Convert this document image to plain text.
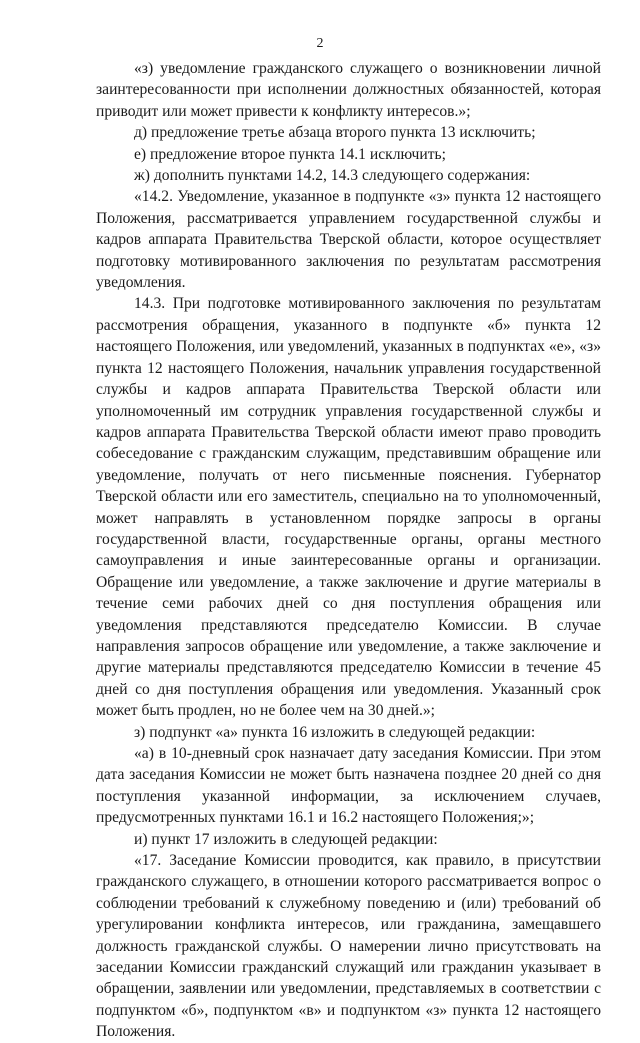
2

«з) уведомление гражданского служащего о возникновении личной заинтересованности при исполнении должностных обязанностей, которая приводит или может привести к конфликту интересов.»;

д) предложение третье абзаца второго пункта 13 исключить;

е) предложение второе пункта 14.1 исключить;

ж) дополнить пунктами 14.2, 14.3 следующего содержания:

«14.2. Уведомление, указанное в подпункте «з» пункта 12 настоящего Положения, рассматривается управлением государственной службы и кадров аппарата Правительства Тверской области, которое осуществляет подготовку мотивированного заключения по результатам рассмотрения уведомления.

14.3. При подготовке мотивированного заключения по результатам рассмотрения обращения, указанного в подпункте «б» пункта 12 настоящего Положения, или уведомлений, указанных в подпунктах «е», «з» пункта 12 настоящего Положения, начальник управления государственной службы и кадров аппарата Правительства Тверской области или уполномоченный им сотрудник управления государственной службы и кадров аппарата Правительства Тверской области имеют право проводить собеседование с гражданским служащим, представившим обращение или уведомление, получать от него письменные пояснения. Губернатор Тверской области или его заместитель, специально на то уполномоченный, может направлять в установленном порядке запросы в органы государственной власти, государственные органы, органы местного самоуправления и иные заинтересованные органы и организации. Обращение или уведомление, а также заключение и другие материалы в течение семи рабочих дней со дня поступления обращения или уведомления представляются председателю Комиссии. В случае направления запросов обращение или уведомление, а также заключение и другие материалы представляются председателю Комиссии в течение 45 дней со дня поступления обращения или уведомления. Указанный срок может быть продлен, но не более чем на 30 дней.»;

з) подпункт «а» пункта 16 изложить в следующей редакции:

«а) в 10-дневный срок назначает дату заседания Комиссии. При этом дата заседания Комиссии не может быть назначена позднее 20 дней со дня поступления указанной информации, за исключением случаев, предусмотренных пунктами 16.1 и 16.2 настоящего Положения;»;

и) пункт 17 изложить в следующей редакции:

«17. Заседание Комиссии проводится, как правило, в присутствии гражданского служащего, в отношении которого рассматривается вопрос о соблюдении требований к служебному поведению и (или) требований об урегулировании конфликта интересов, или гражданина, замещавшего должность гражданской службы. О намерении лично присутствовать на заседании Комиссии гражданский служащий или гражданин указывает в обращении, заявлении или уведомлении, представляемых в соответствии с подпунктом «б», подпунктом «в» и подпунктом «з» пункта 12 настоящего Положения.
